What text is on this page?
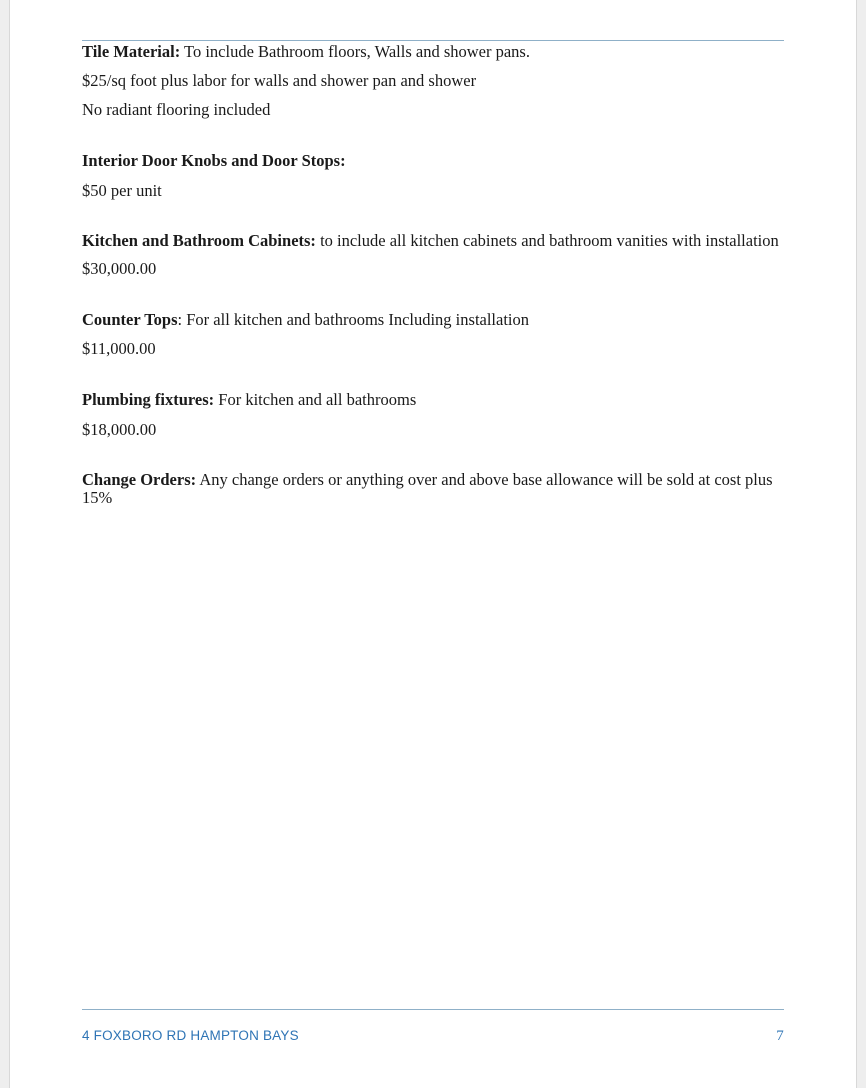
Tile Material: To include Bathroom floors, Walls and shower pans.

$25/sq foot plus labor for walls and shower pan and shower

No radiant flooring included

Interior Door Knobs and Door Stops:

$50 per unit

Kitchen and Bathroom Cabinets: to include all kitchen cabinets and bathroom vanities with installation

$30,000.00

Counter Tops: For all kitchen and bathrooms Including installation

$11,000.00

Plumbing fixtures: For kitchen and all bathrooms

$18,000.00

Change Orders: Any change orders or anything over and above base allowance will be sold at cost plus 15%

4 FOXBORO RD HAMPTON BAYS	7
